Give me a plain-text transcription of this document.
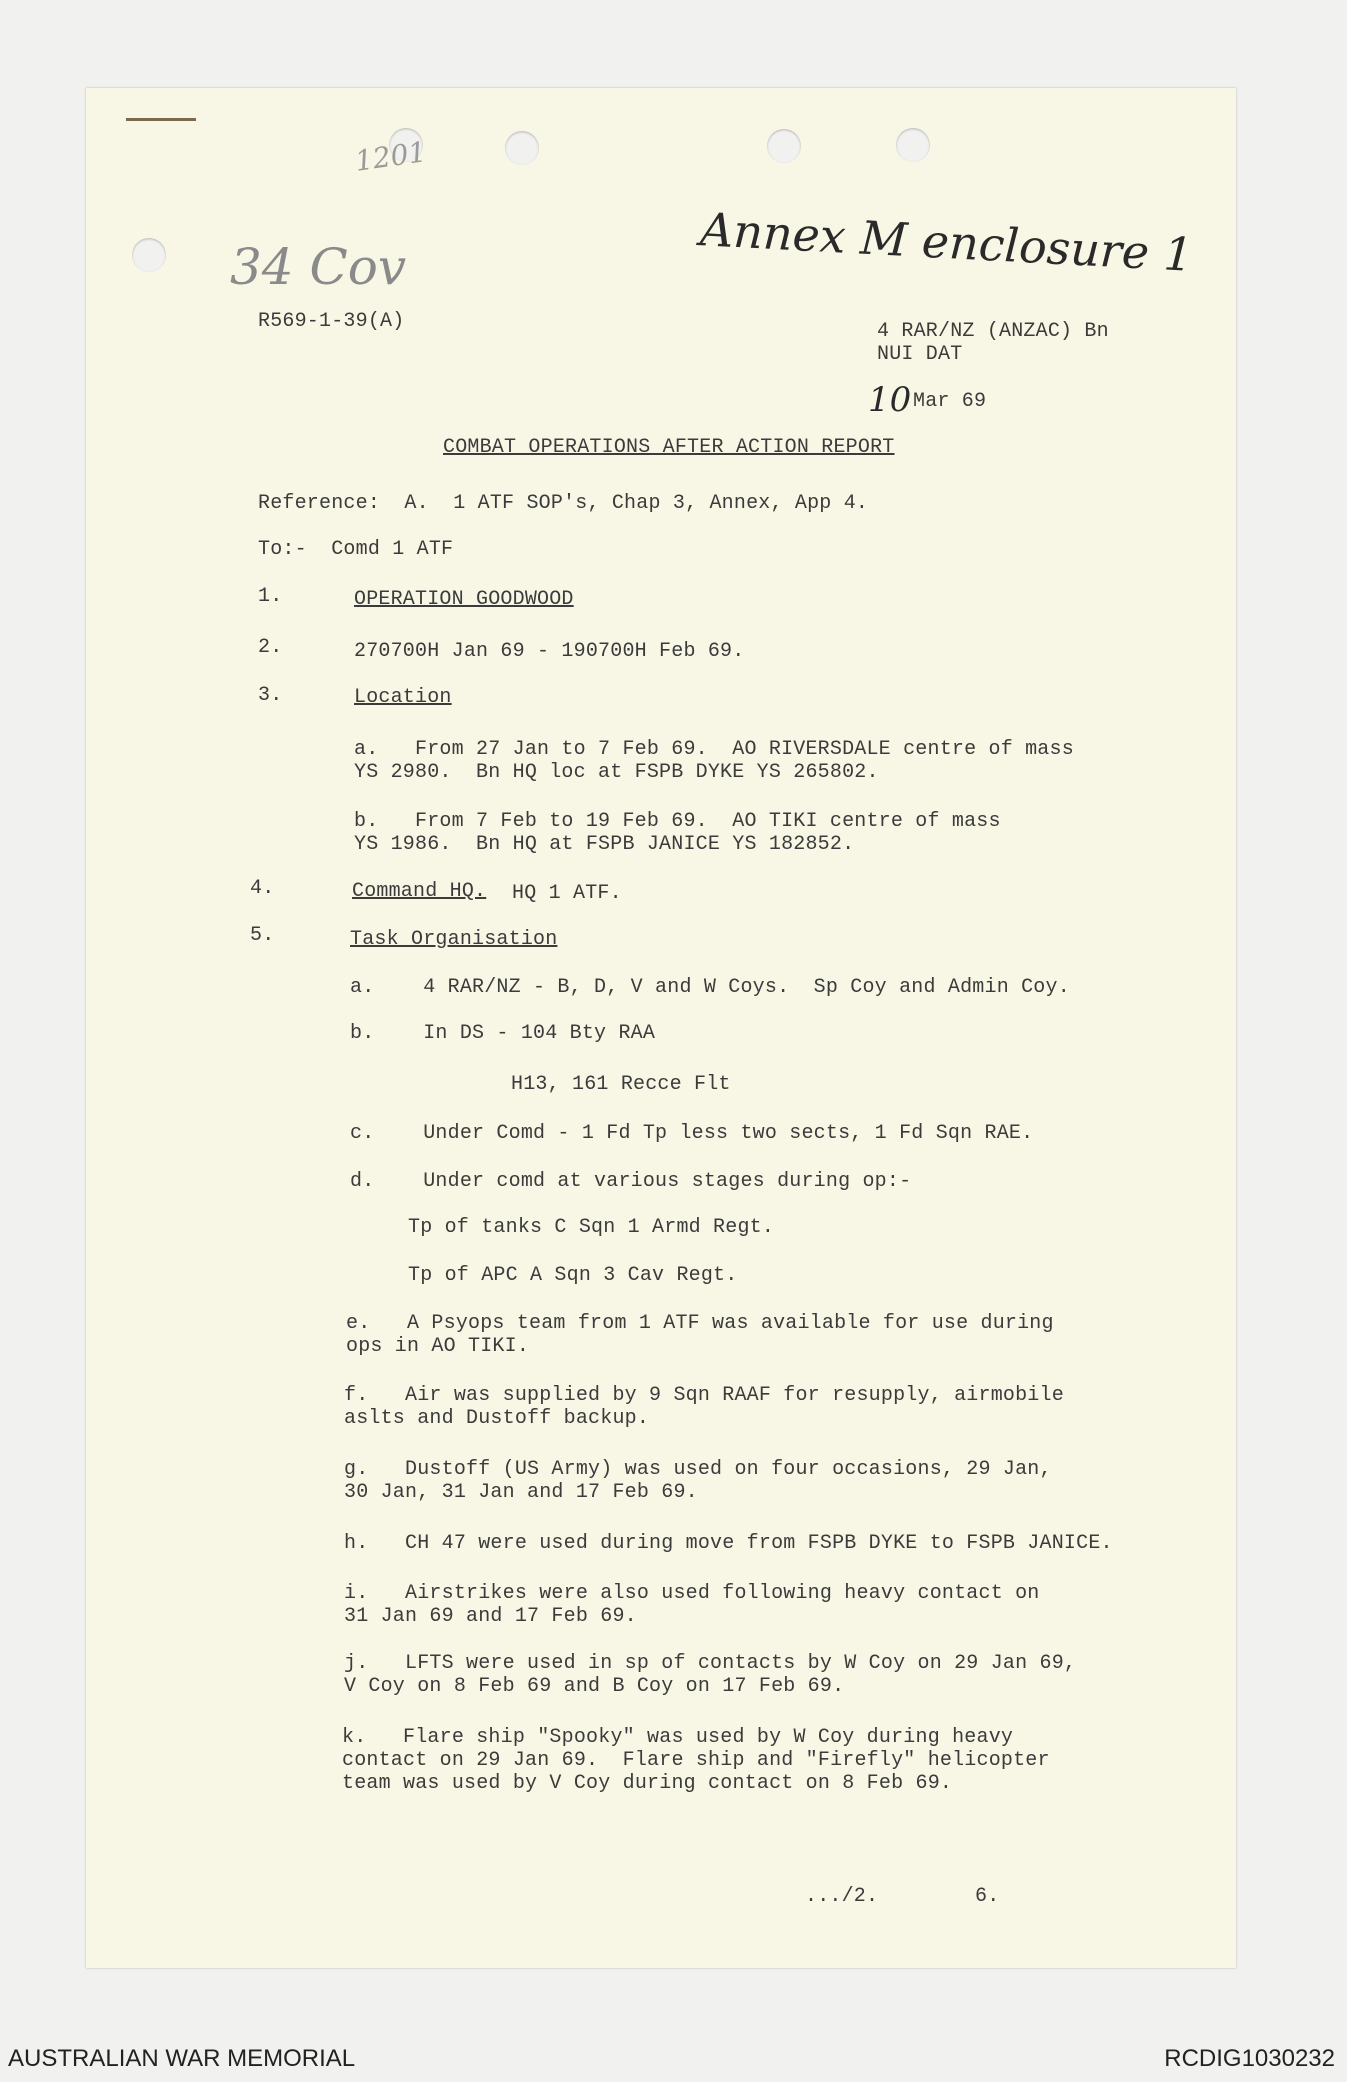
1201
34 Cov	Annex M enclosure 1
R569-1-39(A)	4 RAR/NZ (ANZAC) Bn
NUI DAT
10 Mar 69
COMBAT OPERATIONS AFTER ACTION REPORT
Reference:  A.  1 ATF SOP's, Chap 3, Annex, App 4.
To:-  Comd 1 ATF
1.	OPERATION GOODWOOD
2.	270700H Jan 69 - 190700H Feb 69.
3.	Location
a.   From 27 Jan to 7 Feb 69.  AO RIVERSDALE centre of mass
YS 2980.  Bn HQ loc at FSPB DYKE YS 265802.
b.   From 7 Feb to 19 Feb 69.  AO TIKI centre of mass
YS 1986.  Bn HQ at FSPB JANICE YS 182852.
4.	Command HQ. HQ 1 ATF.
5.	Task Organisation
a.    4 RAR/NZ - B, D, V and W Coys.  Sp Coy and Admin Coy.
b.    In DS - 104 Bty RAA
H13, 161 Recce Flt
c.    Under Comd - 1 Fd Tp less two sects, 1 Fd Sqn RAE.
d.    Under comd at various stages during op:-
Tp of tanks C Sqn 1 Armd Regt.
Tp of APC A Sqn 3 Cav Regt.
e.   A Psyops team from 1 ATF was available for use during
ops in AO TIKI.
f.   Air was supplied by 9 Sqn RAAF for resupply, airmobile
aslts and Dustoff backup.
g.   Dustoff (US Army) was used on four occasions, 29 Jan,
30 Jan, 31 Jan and 17 Feb 69.
h.   CH 47 were used during move from FSPB DYKE to FSPB JANICE.
i.   Airstrikes were also used following heavy contact on
31 Jan 69 and 17 Feb 69.
j.   LFTS were used in sp of contacts by W Coy on 29 Jan 69,
V Coy on 8 Feb 69 and B Coy on 17 Feb 69.
k.   Flare ship "Spooky" was used by W Coy during heavy
contact on 29 Jan 69.  Flare ship and "Firefly" helicopter
team was used by V Coy during contact on 8 Feb 69.
.../2.	6.
AUSTRALIAN WAR MEMORIAL	RCDIG1030232
